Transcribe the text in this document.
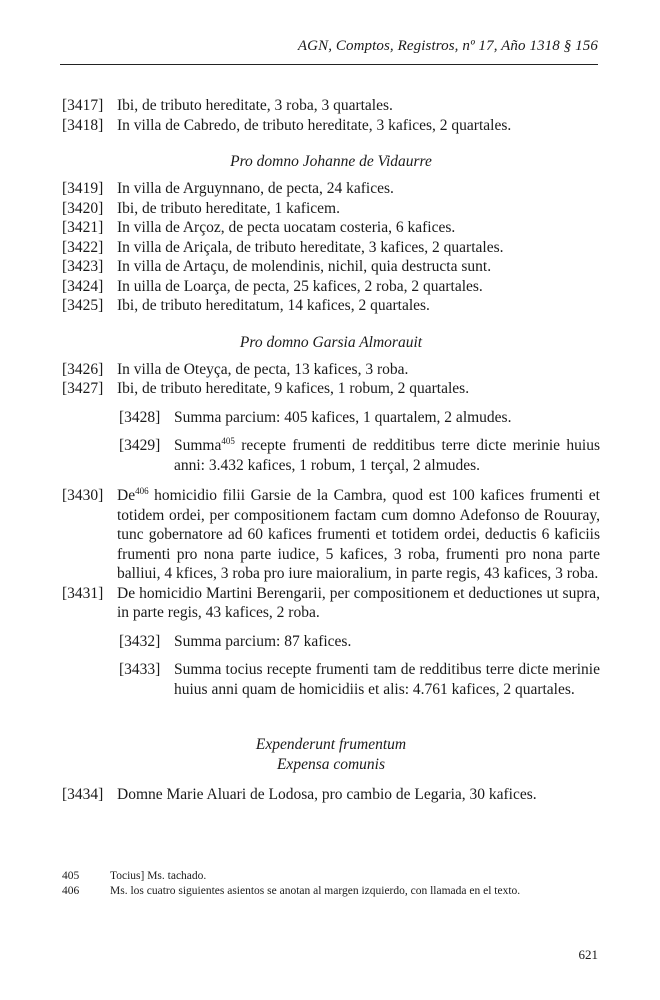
AGN, Comptos, Registros, nº 17, Año 1318 § 156

[3417] Ibi, de tributo hereditate, 3 roba, 3 quartales.

[3418] In villa de Cabredo, de tributo hereditate, 3 kafices, 2 quartales.

Pro domno Johanne de Vidaurre

[3419] In villa de Arguynnano, de pecta, 24 kafices.

[3420] Ibi, de tributo hereditate, 1 kaficem.

[3421] In villa de Arçoz, de pecta uocatam costeria, 6 kafices.

[3422] In villa de Ariçala, de tributo hereditate, 3 kafices, 2 quartales.

[3423] In villa de Artaçu, de molendinis, nichil, quia destructa sunt.

[3424] In uilla de Loarça, de pecta, 25 kafices, 2 roba, 2 quartales.

[3425] Ibi, de tributo hereditatum, 14 kafices, 2 quartales.

Pro domno Garsia Almorauit

[3426] In villa de Oteyça, de pecta, 13 kafices, 3 roba.

[3427] Ibi, de tributo hereditate, 9 kafices, 1 robum, 2 quartales.

[3428] Summa parcium: 405 kafices, 1 quartalem, 2 almudes.

[3429] Summa$^{405}$ recepte frumenti de redditibus terre dicte merinie huius anni: 3.432 kafices, 1 robum, 1 terçal, 2 almudes.

[3430] De$^{406}$ homicidio filii Garsie de la Cambra, quod est 100 kafices frumenti et totidem ordei, per compositionem factam cum domno Adefonso de Rouuray, tunc gobernatore ad 60 kafices frumenti et totidem ordei, deductis 6 kaficiis frumenti pro nona parte iudice, 5 kafices, 3 roba, frumenti pro nona parte balliui, 4 kfices, 3 roba pro iure maioralium, in parte regis, 43 kafices, 3 roba.

[3431] De homicidio Martini Berengarii, per compositionem et deductiones ut supra, in parte regis, 43 kafices, 2 roba.

[3432] Summa parcium: 87 kafices.

[3433] Summa tocius recepte frumenti tam de redditibus terre dicte merinie huius anni quam de homicidiis et alis: 4.761 kafices, 2 quartales.

Expenderunt frumentum

Expensa comunis

[3434] Domne Marie Aluari de Lodosa, pro cambio de Legaria, 30 kafices.

405	Tocius] Ms. tachado.
406	Ms. los cuatro siguientes asientos se anotan al margen izquierdo, con llamada en el texto.
621
